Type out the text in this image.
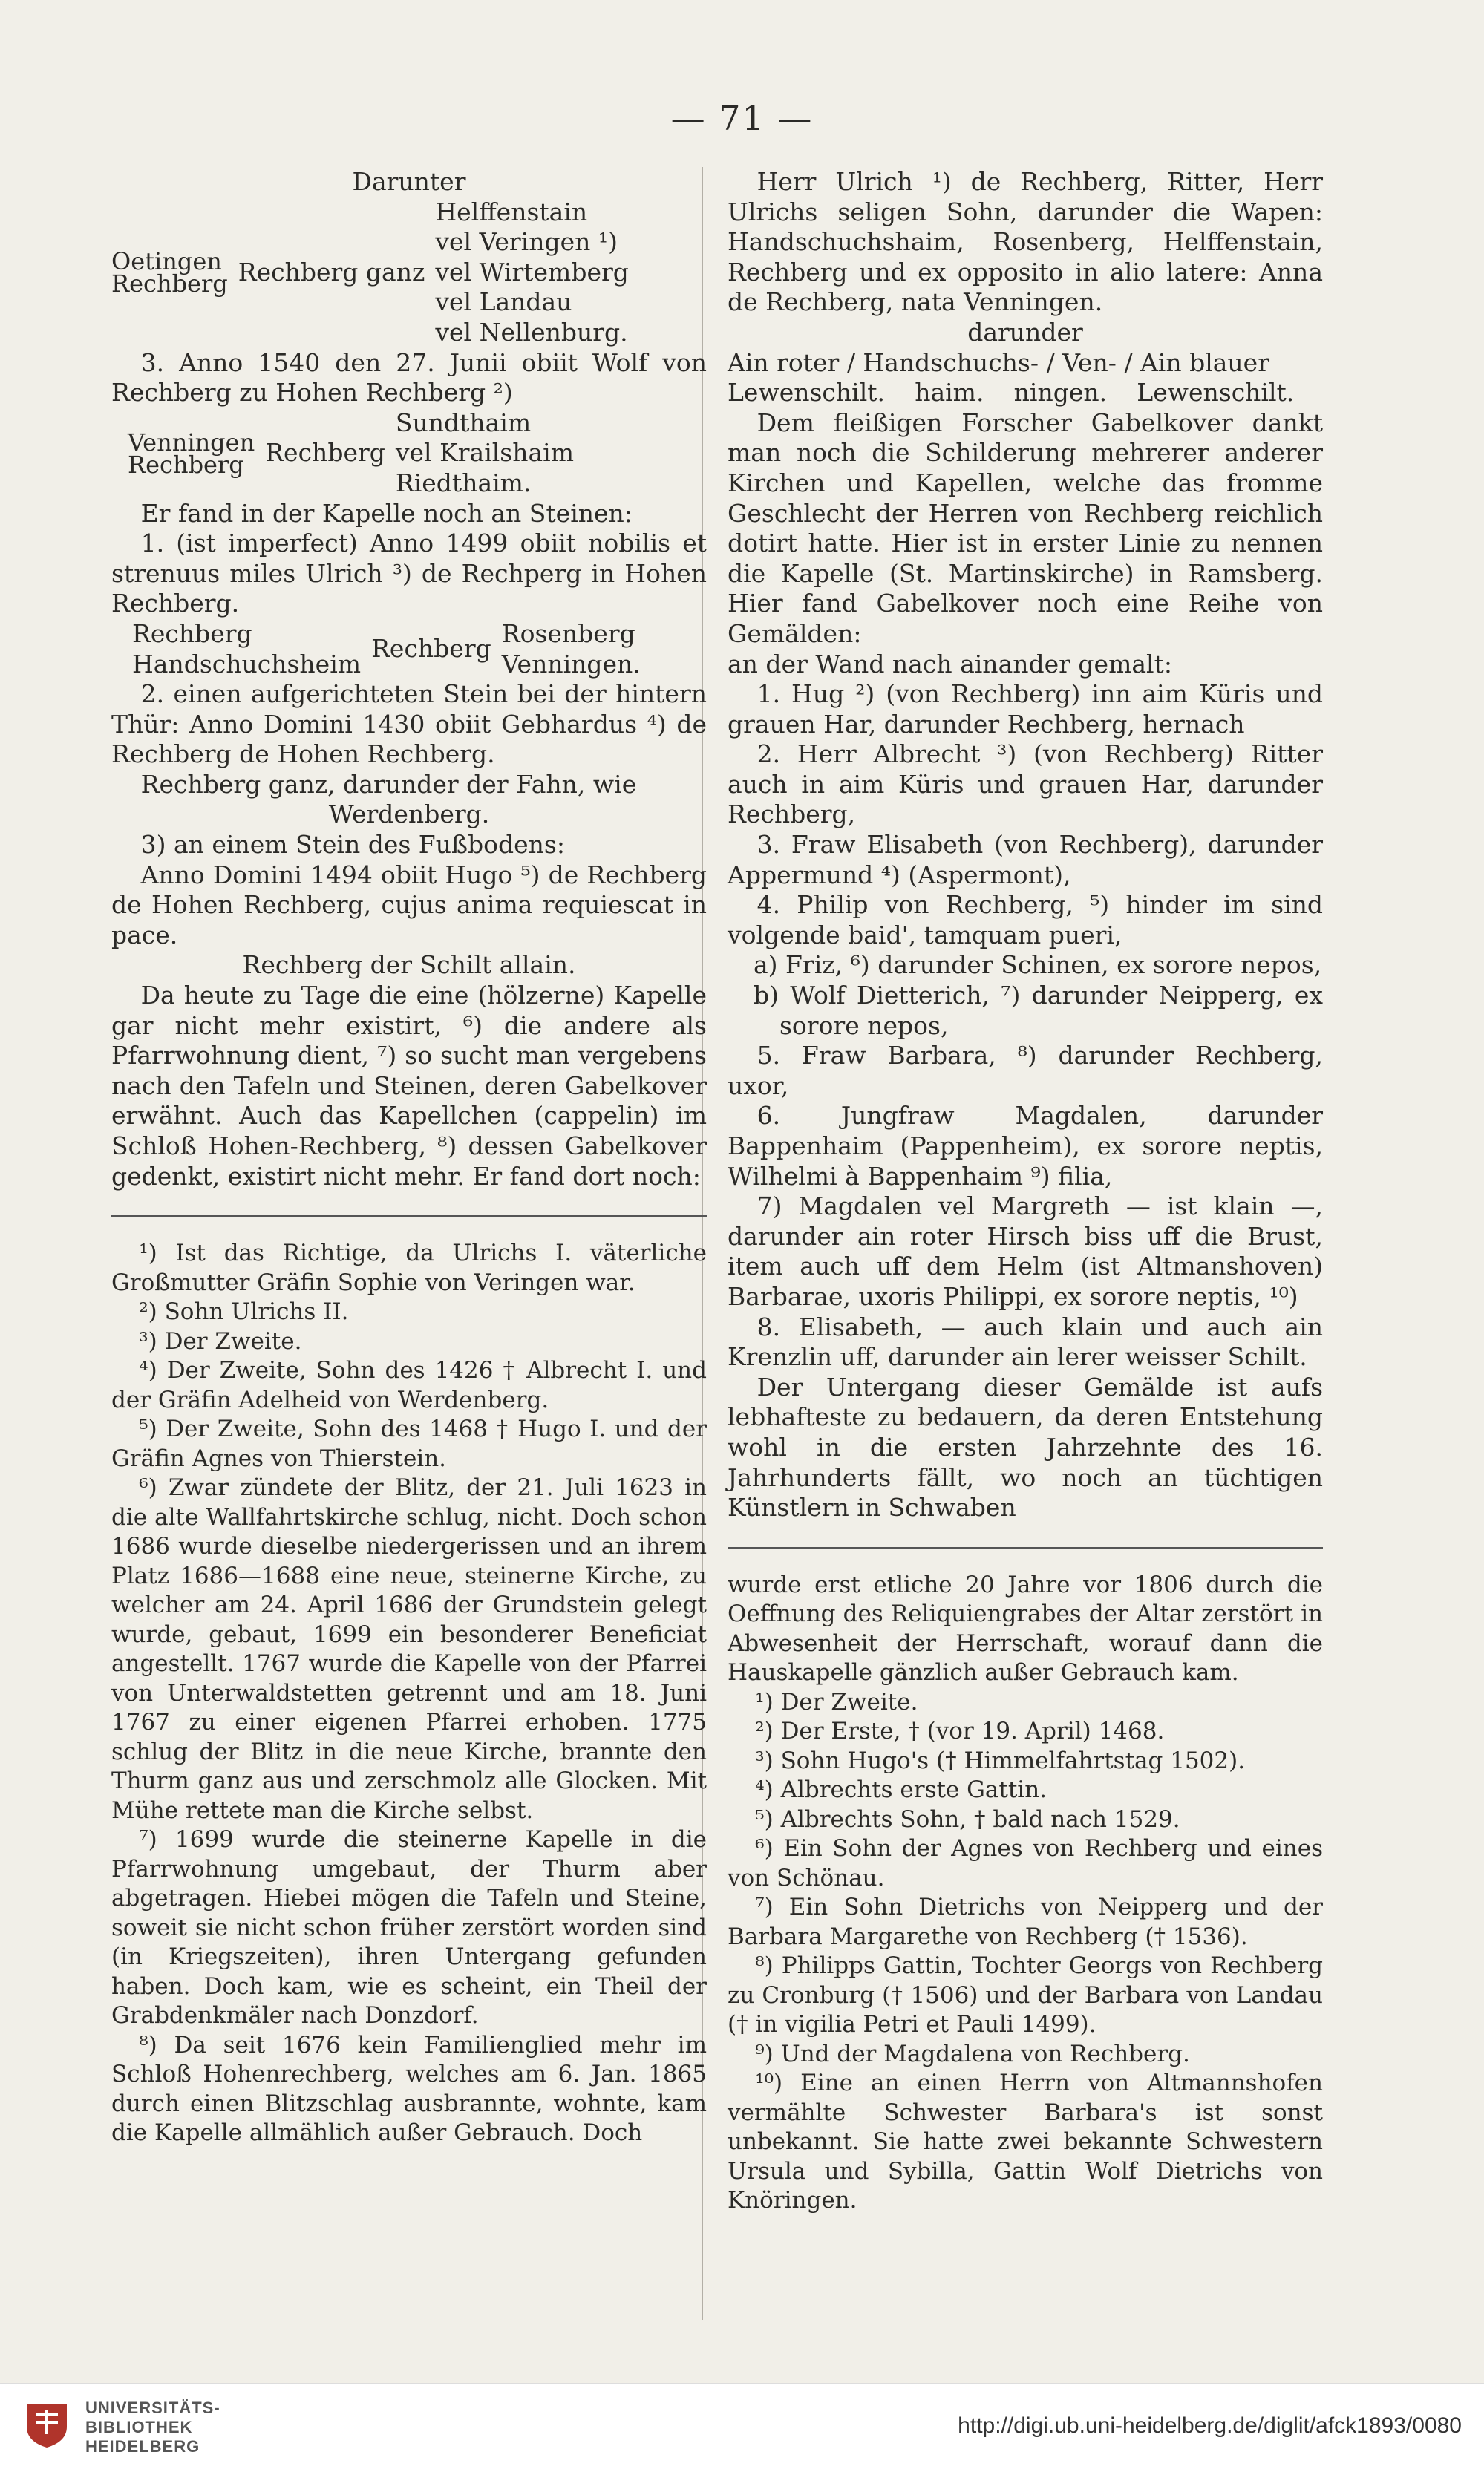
— 71 —

Darunter

Oetingen
Rechberg Rechberg ganz
Helffenstain
vel Veringen ¹)
vel Wirtemberg
vel Landau
vel Nellenburg.

3. Anno 1540 den 27. Junii obiit Wolf von Rechberg zu Hohen Rechberg ²)

Venningen
Rechberg Rechberg
Sundthaim
vel Krailshaim
Riedthaim.

Er fand in der Kapelle noch an Steinen:

1. (ist imperfect) Anno 1499 obiit nobilis et strenuus miles Ulrich ³) de Rechperg in Hohen Rechberg.

Rechberg
Handschuchsheim
Rechberg
Rosenberg
Venningen.

2. einen aufgerichteten Stein bei der hintern Thür: Anno Domini 1430 obiit Gebhardus ⁴) de Rechberg de Hohen Rechberg.

Rechberg ganz, darunder der Fahn, wie

Werdenberg.

3) an einem Stein des Fußbodens:

Anno Domini 1494 obiit Hugo ⁵) de Rechberg de Hohen Rechberg, cujus anima requiescat in pace.

Rechberg der Schilt allain.

Da heute zu Tage die eine (hölzerne) Kapelle gar nicht mehr existirt, ⁶) die andere als Pfarrwohnung dient, ⁷) so sucht man vergebens nach den Tafeln und Steinen, deren Gabelkover erwähnt. Auch das Kapellchen (cappelin) im Schloß Hohen-Rechberg, ⁸) dessen Gabelkover gedenkt, existirt nicht mehr. Er fand dort noch:

¹) Ist das Richtige, da Ulrichs I. väterliche Großmutter Gräfin Sophie von Veringen war.

²) Sohn Ulrichs II.

³) Der Zweite.

⁴) Der Zweite, Sohn des 1426 † Albrecht I. und der Gräfin Adelheid von Werdenberg.

⁵) Der Zweite, Sohn des 1468 † Hugo I. und der Gräfin Agnes von Thierstein.

⁶) Zwar zündete der Blitz, der 21. Juli 1623 in die alte Wallfahrtskirche schlug, nicht. Doch schon 1686 wurde dieselbe niedergerissen und an ihrem Platz 1686—1688 eine neue, steinerne Kirche, zu welcher am 24. April 1686 der Grundstein gelegt wurde, gebaut, 1699 ein besonderer Beneficiat angestellt. 1767 wurde die Kapelle von der Pfarrei von Unterwaldstetten getrennt und am 18. Juni 1767 zu einer eigenen Pfarrei erhoben. 1775 schlug der Blitz in die neue Kirche, brannte den Thurm ganz aus und zerschmolz alle Glocken. Mit Mühe rettete man die Kirche selbst.

⁷) 1699 wurde die steinerne Kapelle in die Pfarrwohnung umgebaut, der Thurm aber abgetragen. Hiebei mögen die Tafeln und Steine, soweit sie nicht schon früher zerstört worden sind (in Kriegszeiten), ihren Untergang gefunden haben. Doch kam, wie es scheint, ein Theil der Grabdenkmäler nach Donzdorf.

⁸) Da seit 1676 kein Familienglied mehr im Schloß Hohenrechberg, welches am 6. Jan. 1865 durch einen Blitzschlag ausbrannte, wohnte, kam die Kapelle allmählich außer Gebrauch. Doch

Herr Ulrich ¹) de Rechberg, Ritter, Herr Ulrichs seligen Sohn, darunder die Wapen: Handschuchshaim, Rosenberg, Helffenstain, Rechberg und ex opposito in alio latere: Anna de Rechberg, nata Venningen.

darunder

Ain roter / Handschuchs- / Ven- / Ain blauer

Lewenschilt. haim. ningen. Lewenschilt.

Dem fleißigen Forscher Gabelkover dankt man noch die Schilderung mehrerer anderer Kirchen und Kapellen, welche das fromme Geschlecht der Herren von Rechberg reichlich dotirt hatte. Hier ist in erster Linie zu nennen die Kapelle (St. Martinskirche) in Ramsberg. Hier fand Gabelkover noch eine Reihe von Gemälden:

an der Wand nach ainander gemalt:

1. Hug ²) (von Rechberg) inn aim Küris und grauen Har, darunder Rechberg, hernach

2. Herr Albrecht ³) (von Rechberg) Ritter auch in aim Küris und grauen Har, darunder Rechberg,

3. Fraw Elisabeth (von Rechberg), darunder Appermund ⁴) (Aspermont),

4. Philip von Rechberg, ⁵) hinder im sind volgende baid', tamquam pueri,

a) Friz, ⁶) darunder Schinen, ex sorore nepos,

b) Wolf Dietterich, ⁷) darunder Neipperg, ex sorore nepos,

5. Fraw Barbara, ⁸) darunder Rechberg, uxor,

6. Jungfraw Magdalen, darunder Bappenhaim (Pappenheim), ex sorore neptis, Wilhelmi à Bappenhaim ⁹) filia,

7) Magdalen vel Margreth — ist klain —, darunder ain roter Hirsch biss uff die Brust, item auch uff dem Helm (ist Altmanshoven) Barbarae, uxoris Philippi, ex sorore neptis, ¹⁰)

8. Elisabeth, — auch klain und auch ain Krenzlin uff, darunder ain lerer weisser Schilt.

Der Untergang dieser Gemälde ist aufs lebhafteste zu bedauern, da deren Entstehung wohl in die ersten Jahrzehnte des 16. Jahrhunderts fällt, wo noch an tüchtigen Künstlern in Schwaben

wurde erst etliche 20 Jahre vor 1806 durch die Oeffnung des Reliquiengrabes der Altar zerstört in Abwesenheit der Herrschaft, worauf dann die Hauskapelle gänzlich außer Gebrauch kam.

¹) Der Zweite.

²) Der Erste, † (vor 19. April) 1468.

³) Sohn Hugo's († Himmelfahrtstag 1502).

⁴) Albrechts erste Gattin.

⁵) Albrechts Sohn, † bald nach 1529.

⁶) Ein Sohn der Agnes von Rechberg und eines von Schönau.

⁷) Ein Sohn Dietrichs von Neipperg und der Barbara Margarethe von Rechberg († 1536).

⁸) Philipps Gattin, Tochter Georgs von Rechberg zu Cronburg († 1506) und der Barbara von Landau († in vigilia Petri et Pauli 1499).

⁹) Und der Magdalena von Rechberg.

¹⁰) Eine an einen Herrn von Altmannshofen vermählte Schwester Barbara's ist sonst unbekannt. Sie hatte zwei bekannte Schwestern Ursula und Sybilla, Gattin Wolf Dietrichs von Knöringen.

UNIVERSITÄTS-
BIBLIOTHEK
HEIDELBERG
http://digi.ub.uni-heidelberg.de/diglit/afck1893/0080
